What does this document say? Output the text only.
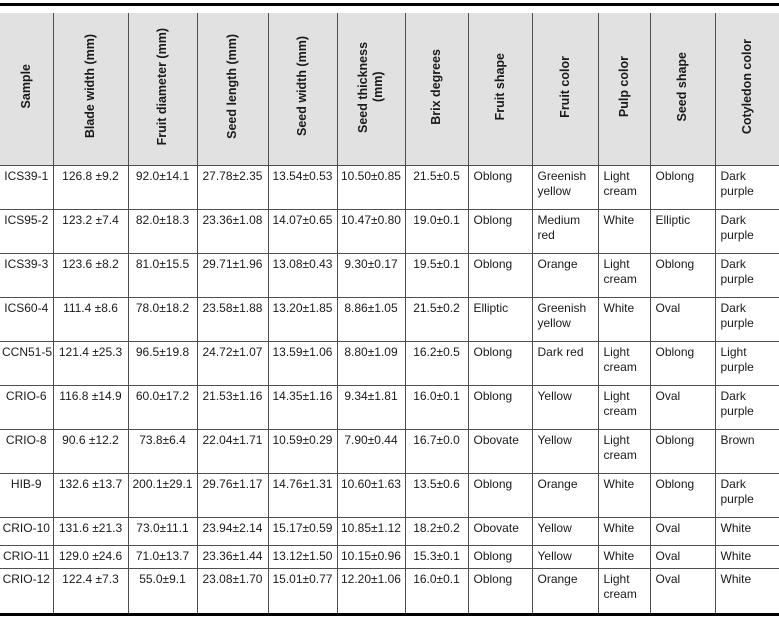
Sample	Blade width (mm)	Fruit diameter (mm)	Seed length (mm)	Seed width (mm)	Seed thickness (mm)	Brix degrees	Fruit shape	Fruit color	Pulp color	Seed shape	Cotyledon color
ICS39-1	126.8 ±9.2	92.0±14.1	27.78±2.35	13.54±0.53	10.50±0.85	21.5±0.5	Oblong	Greenish yellow	Light cream	Oblong	Dark purple
ICS95-2	123.2 ±7.4	82.0±18.3	23.36±1.08	14.07±0.65	10.47±0.80	19.0±0.1	Oblong	Medium red	White	Elliptic	Dark purple
ICS39-3	123.6 ±8.2	81.0±15.5	29.71±1.96	13.08±0.43	9.30±0.17	19.5±0.1	Oblong	Orange	Light cream	Oblong	Dark purple
ICS60-4	111.4 ±8.6	78.0±18.2	23.58±1.88	13.20±1.85	8.86±1.05	21.5±0.2	Elliptic	Greenish yellow	White	Oval	Dark purple
CCN51-5	121.4 ±25.3	96.5±19.8	24.72±1.07	13.59±1.06	8.80±1.09	16.2±0.5	Oblong	Dark red	Light cream	Oblong	Light purple
CRIO-6	116.8 ±14.9	60.0±17.2	21.53±1.16	14.35±1.16	9.34±1.81	16.0±0.1	Oblong	Yellow	Light cream	Oval	Dark purple
CRIO-8	90.6 ±12.2	73.8±6.4	22.04±1.71	10.59±0.29	7.90±0.44	16.7±0.0	Obovate	Yellow	Light cream	Oblong	Brown
HIB-9	132.6 ±13.7	200.1±29.1	29.76±1.17	14.76±1.31	10.60±1.63	13.5±0.6	Oblong	Orange	White	Oblong	Dark purple
CRIO-10	131.6 ±21.3	73.0±11.1	23.94±2.14	15.17±0.59	10.85±1.12	18.2±0.2	Obovate	Yellow	White	Oval	White
CRIO-11	129.0 ±24.6	71.0±13.7	23.36±1.44	13.12±1.50	10.15±0.96	15.3±0.1	Oblong	Yellow	White	Oval	White
CRIO-12	122.4 ±7.3	55.0±9.1	23.08±1.70	15.01±0.77	12.20±1.06	16.0±0.1	Oblong	Orange	Light cream	Oval	White
